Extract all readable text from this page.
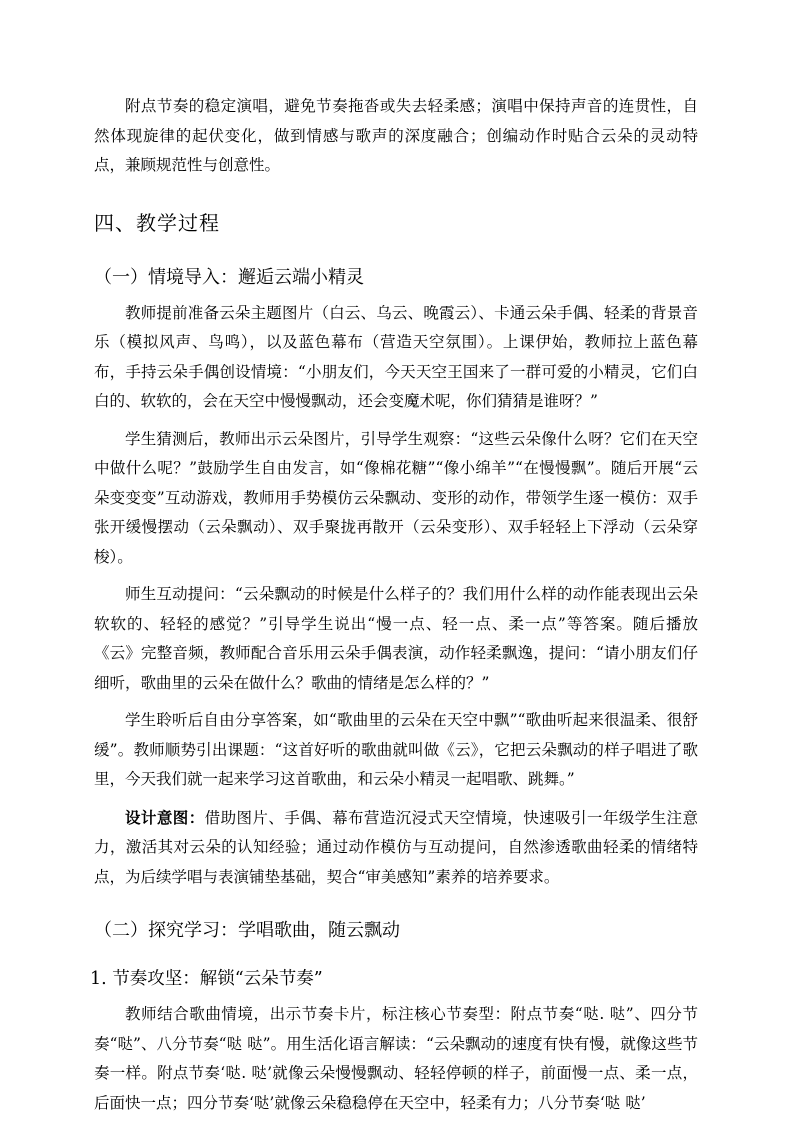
附点节奏的稳定演唱，避免节奏拖沓或失去轻柔感；演唱中保持声音的连贯性，自然体现旋律的起伏变化，做到情感与歌声的深度融合；创编动作时贴合云朵的灵动特点，兼顾规范性与创意性。

四、教学过程
（一）情境导入：邂逅云端小精灵

教师提前准备云朵主题图片（白云、乌云、晚霞云）、卡通云朵手偶、轻柔的背景音乐（模拟风声、鸟鸣），以及蓝色幕布（营造天空氛围）。上课伊始，教师拉上蓝色幕布，手持云朵手偶创设情境：“小朋友们，今天天空王国来了一群可爱的小精灵，它们白白的、软软的，会在天空中慢慢飘动，还会变魔术呢，你们猜猜是谁呀？”

学生猜测后，教师出示云朵图片，引导学生观察：“这些云朵像什么呀？它们在天空中做什么呢？”鼓励学生自由发言，如“像棉花糖”“像小绵羊”“在慢慢飘”。随后开展“云朵变变变”互动游戏，教师用手势模仿云朵飘动、变形的动作，带领学生逐一模仿：双手张开缓慢摆动（云朵飘动）、双手聚拢再散开（云朵变形）、双手轻轻上下浮动（云朵穿梭）。

师生互动提问：“云朵飘动的时候是什么样子的？我们用什么样的动作能表现出云朵软软的、轻轻的感觉？”引导学生说出“慢一点、轻一点、柔一点”等答案。随后播放《云》完整音频，教师配合音乐用云朵手偶表演，动作轻柔飘逸，提问：“请小朋友们仔细听，歌曲里的云朵在做什么？歌曲的情绪是怎么样的？”

学生聆听后自由分享答案，如“歌曲里的云朵在天空中飘”“歌曲听起来很温柔、很舒缓”。教师顺势引出课题：“这首好听的歌曲就叫做《云》，它把云朵飘动的样子唱进了歌里，今天我们就一起来学习这首歌曲，和云朵小精灵一起唱歌、跳舞。”

设计意图：借助图片、手偶、幕布营造沉浸式天空情境，快速吸引一年级学生注意力，激活其对云朵的认知经验；通过动作模仿与互动提问，自然渗透歌曲轻柔的情绪特点，为后续学唱与表演铺垫基础，契合“审美感知”素养的培养要求。

（二）探究学习：学唱歌曲，随云飘动
1. 节奏攻坚：解锁“云朵节奏”

教师结合歌曲情境，出示节奏卡片，标注核心节奏型：附点节奏“哒. 哒”、四分节奏“哒”、八分节奏“哒 哒”。用生活化语言解读：“云朵飘动的速度有快有慢，就像这些节奏一样。附点节奏‘哒. 哒’就像云朵慢慢飘动、轻轻停顿的样子，前面慢一点、柔一点，后面快一点；四分节奏‘哒’就像云朵稳稳停在天空中，轻柔有力；八分节奏‘哒 哒’
